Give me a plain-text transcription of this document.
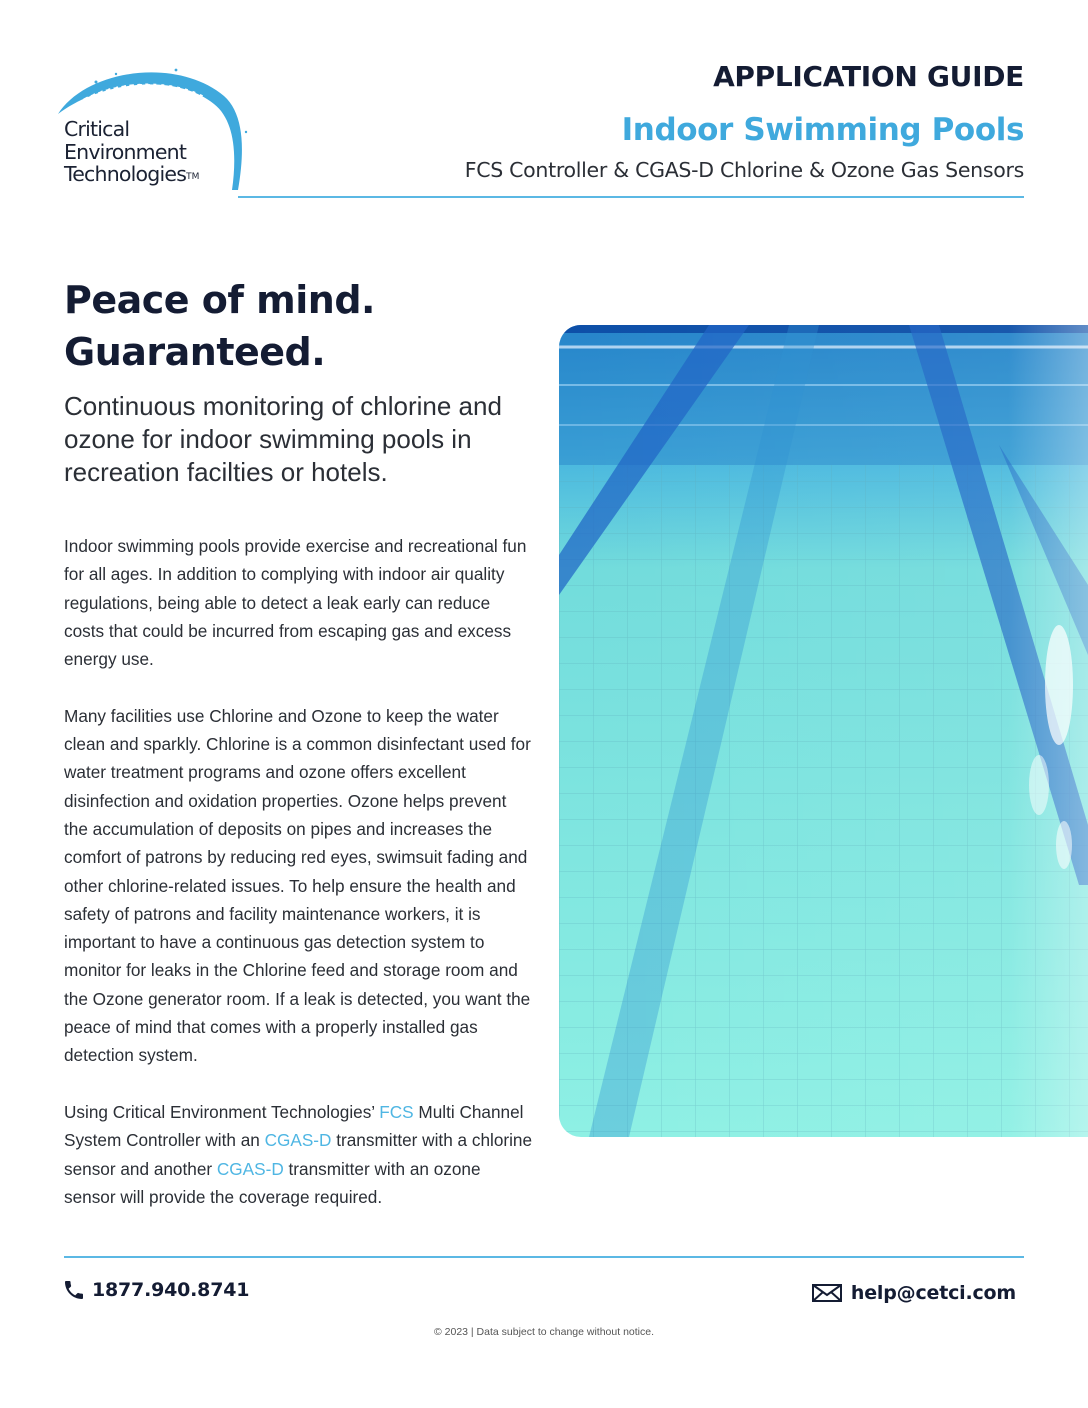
Critical
Environment
TechnologiesTM
APPLICATION GUIDE
Indoor Swimming Pools
FCS Controller & CGAS-D Chlorine & Ozone Gas Sensors
Peace of mind.
Guaranteed.
Continuous monitoring of chlorine and ozone for indoor swimming pools in recreation facilties or hotels.

Indoor swimming pools provide exercise and recreational fun for all ages. In addition to complying with indoor air quality regulations, being able to detect a leak early can reduce costs that could be incurred from escaping gas and excess energy use.

Many facilities use Chlorine and Ozone to keep the water clean and sparkly. Chlorine is a common disinfectant used for water treatment programs and ozone offers excellent disinfection and oxidation properties. Ozone helps prevent the accumulation of deposits on pipes and increases the comfort of patrons by reducing red eyes, swimsuit fading and other chlorine-related issues. To help ensure the health and safety of patrons and facility maintenance workers, it is important to have a continuous gas detection system to monitor for leaks in the Chlorine feed and storage room and the Ozone generator room. If a leak is detected, you want the peace of mind that comes with a properly installed gas detection system.

Using Critical Environment Technologies’ FCS Multi Channel System Controller with an CGAS-D transmitter with a chlorine sensor and another CGAS-D transmitter with an ozone sensor will provide the coverage required.

1877.940.8741	help@cetci.com
© 2023 | Data subject to change without notice.
